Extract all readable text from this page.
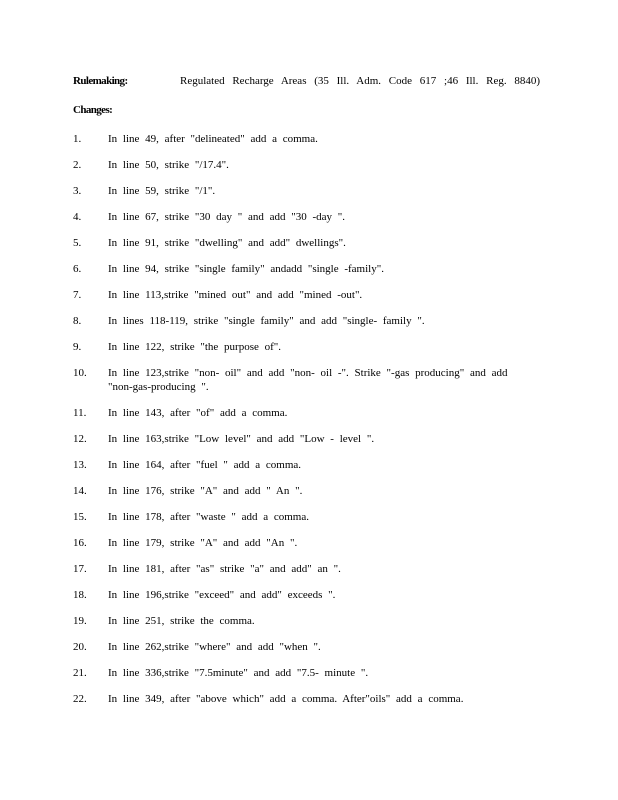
Rulemaking:	Regulated Recharge Areas (35 Ill. Adm. Code 617 ;46 Ill. Reg. 8840)
Changes:
1. In line 49, after "delineated" add a comma.
2. In line 50, strike "/17.4".
3. In line 59, strike "/1".
4. In line 67, strike "30 day " and add "30 -day ".
5. In line 91, strike "dwelling" and add" dwellings".
6. In line 94, strike "single family" andadd "single -family".
7. In line 113,strike "mined out" and add "mined -out".
8. In lines 118-119, strike "single family" and add "single- family ".
9. In line 122, strike "the purpose of".
10. In line 123,strike "non- oil" and add "non- oil -". Strike "-gas producing" and add "non-gas-producing ".
11. In line 143, after "of" add a comma.
12. In line 163,strike "Low level" and add "Low - level ".
13. In line 164, after "fuel " add a comma.
14. In line 176, strike "A" and add " An ".
15. In line 178, after "waste " add a comma.
16. In line 179, strike "A" and add "An ".
17. In line 181, after "as" strike "a" and add" an ".
18. In line 196,strike "exceed" and add" exceeds ".
19. In line 251, strike the comma.
20. In line 262,strike "where" and add "when ".
21. In line 336,strike "7.5minute" and add "7.5- minute ".
22. In line 349, after "above which" add a comma. After"oils" add a comma.
